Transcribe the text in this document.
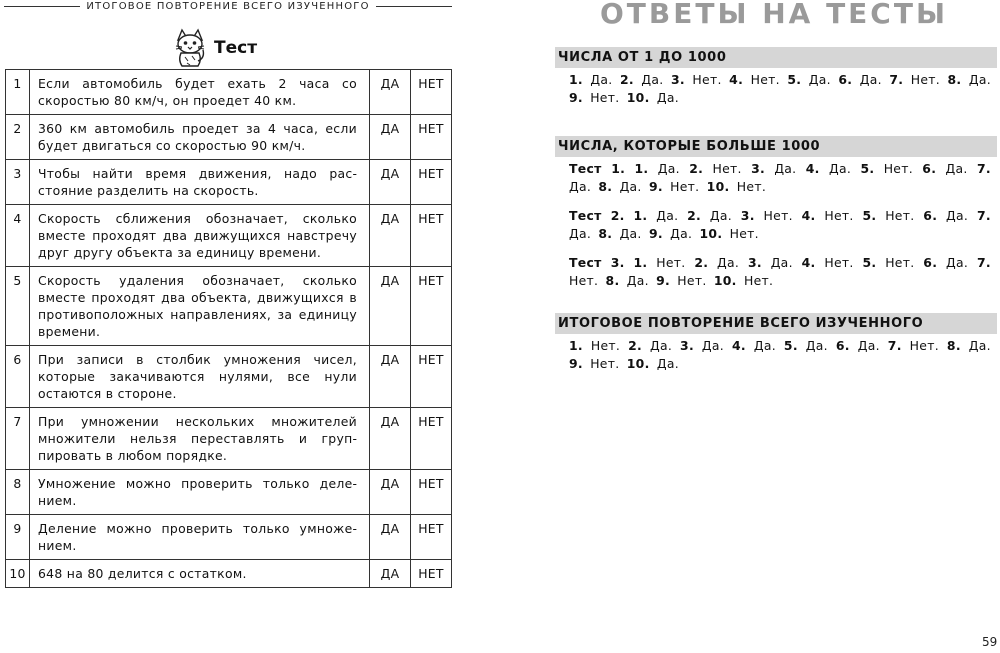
ИТОГОВОЕ ПОВТОРЕНИЕ ВСЕГО ИЗУЧЕННОГО
Тест
1	Если автомобиль будет ехать 2 часа со скоростью 80 км/ч, он проедет 40 км.	ДА	НЕТ
2	360 км автомобиль проедет за 4 часа, если будет двигаться со скоростью 90 км/ч.	ДА	НЕТ
3	Чтобы найти время движения, надо расстояние разделить на скорость.	ДА	НЕТ
4	Скорость сближения обозначает, сколько вместе проходят два движущихся навстречу друг другу объекта за единицу времени.	ДА	НЕТ
5	Скорость удаления обозначает, сколько вместе проходят два объекта, движущихся в противоположных направлениях, за единицу времени.	ДА	НЕТ
6	При записи в столбик умножения чисел, которые закачиваются нулями, все нули остаются в стороне.	ДА	НЕТ
7	При умножении нескольких множителей множители нельзя переставлять и группировать в любом порядке.	ДА	НЕТ
8	Умножение можно проверить только делением.	ДА	НЕТ
9	Деление можно проверить только умножением.	ДА	НЕТ
10	648 на 80 делится с остатком.	ДА	НЕТ
ОТВЕТЫ НА ТЕСТЫ
ЧИСЛА ОТ 1 ДО 1000
1. Да. 2. Да. 3. Нет. 4. Нет. 5. Да. 6. Да. 7. Нет. 8. Да. 9. Нет. 10. Да.
ЧИСЛА, КОТОРЫЕ БОЛЬШЕ 1000
Тест 1. 1. Да. 2. Нет. 3. Да. 4. Да. 5. Нет. 6. Да. 7. Да. 8. Да. 9. Нет. 10. Нет.
Тест 2. 1. Да. 2. Да. 3. Нет. 4. Нет. 5. Нет. 6. Да. 7. Да. 8. Да. 9. Да. 10. Нет.
Тест 3. 1. Нет. 2. Да. 3. Да. 4. Нет. 5. Нет. 6. Да. 7. Нет. 8. Да. 9. Нет. 10. Нет.
ИТОГОВОЕ ПОВТОРЕНИЕ ВСЕГО ИЗУЧЕННОГО
1. Нет. 2. Да. 3. Да. 4. Да. 5. Да. 6. Да. 7. Нет. 8. Да. 9. Нет. 10. Да.
59
